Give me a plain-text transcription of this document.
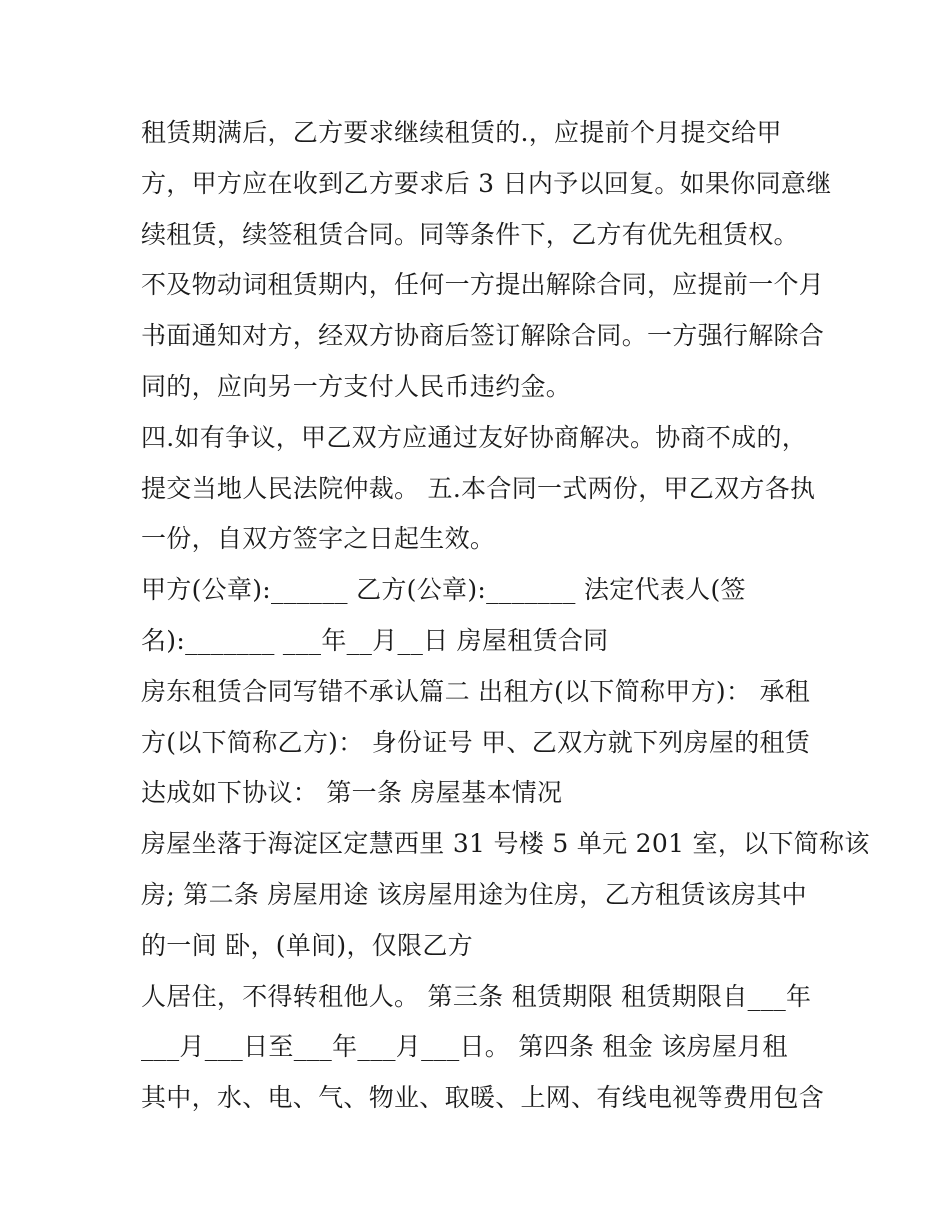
租赁期满后，乙方要求继续租赁的.，应提前个月提交给甲
方，甲方应在收到乙方要求后 3 日内予以回复。如果你同意继
续租赁，续签租赁合同。同等条件下，乙方有优先租赁权。
不及物动词租赁期内，任何一方提出解除合同，应提前一个月
书面通知对方，经双方协商后签订解除合同。一方强行解除合
同的，应向另一方支付人民币违约金。
四.如有争议，甲乙双方应通过友好协商解决。协商不成的，
提交当地人民法院仲裁。 五.本合同一式两份，甲乙双方各执
一份，自双方签字之日起生效。
甲方(公章):______ 乙方(公章):_______ 法定代表人(签
名):_______ ___年__月__日 房屋租赁合同
房东租赁合同写错不承认篇二 出租方(以下简称甲方)： 承租
方(以下简称乙方)： 身份证号 甲、乙双方就下列房屋的租赁
达成如下协议： 第一条 房屋基本情况
房屋坐落于海淀区定慧西里 31 号楼 5 单元 201 室，以下简称该
房; 第二条 房屋用途 该房屋用途为住房，乙方租赁该房其中
的一间 卧，(单间)，仅限乙方
人居住，不得转租他人。 第三条 租赁期限 租赁期限自___年
___月___日至___年___月___日。 第四条 租金 该房屋月租
其中，水、电、气、物业、取暖、上网、有线电视等费用包含
